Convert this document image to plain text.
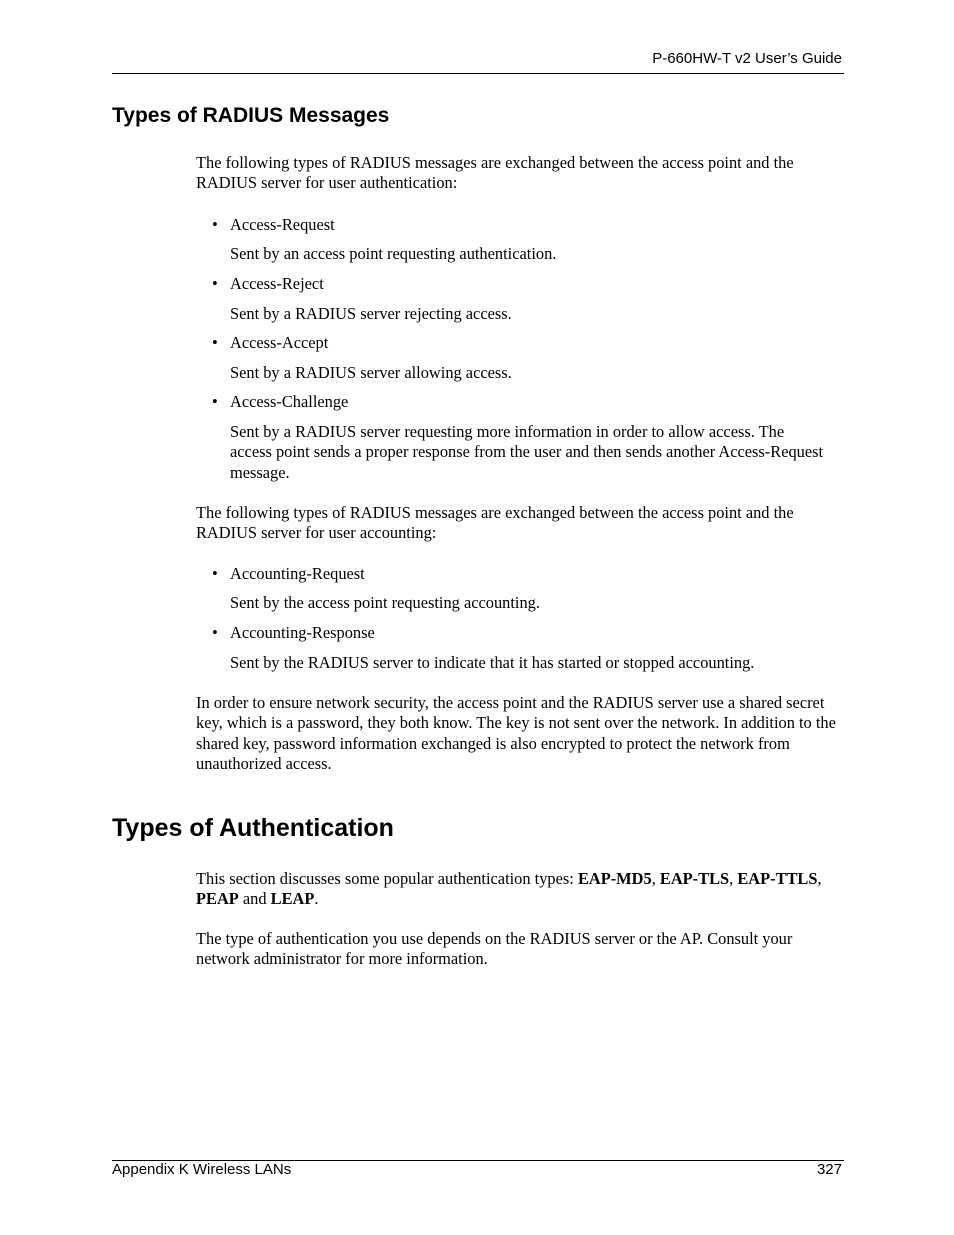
P-660HW-T v2 User’s Guide
Types of RADIUS Messages

The following types of RADIUS messages are exchanged between the access point and the RADIUS server for user authentication:

• Access-Request

Sent by an access point requesting authentication.

• Access-Reject

Sent by a RADIUS server rejecting access.

• Access-Accept

Sent by a RADIUS server allowing access.

• Access-Challenge

Sent by a RADIUS server requesting more information in order to allow access. The access point sends a proper response from the user and then sends another Access-Request message.

The following types of RADIUS messages are exchanged between the access point and the RADIUS server for user accounting:

• Accounting-Request

Sent by the access point requesting accounting.

• Accounting-Response

Sent by the RADIUS server to indicate that it has started or stopped accounting.

In order to ensure network security, the access point and the RADIUS server use a shared secret key, which is a password, they both know. The key is not sent over the network. In addition to the shared key, password information exchanged is also encrypted to protect the network from unauthorized access.

Types of Authentication

This section discusses some popular authentication types: EAP-MD5, EAP-TLS, EAP-TTLS, PEAP and LEAP.

The type of authentication you use depends on the RADIUS server or the AP. Consult your network administrator for more information.

Appendix K Wireless LANs	327
